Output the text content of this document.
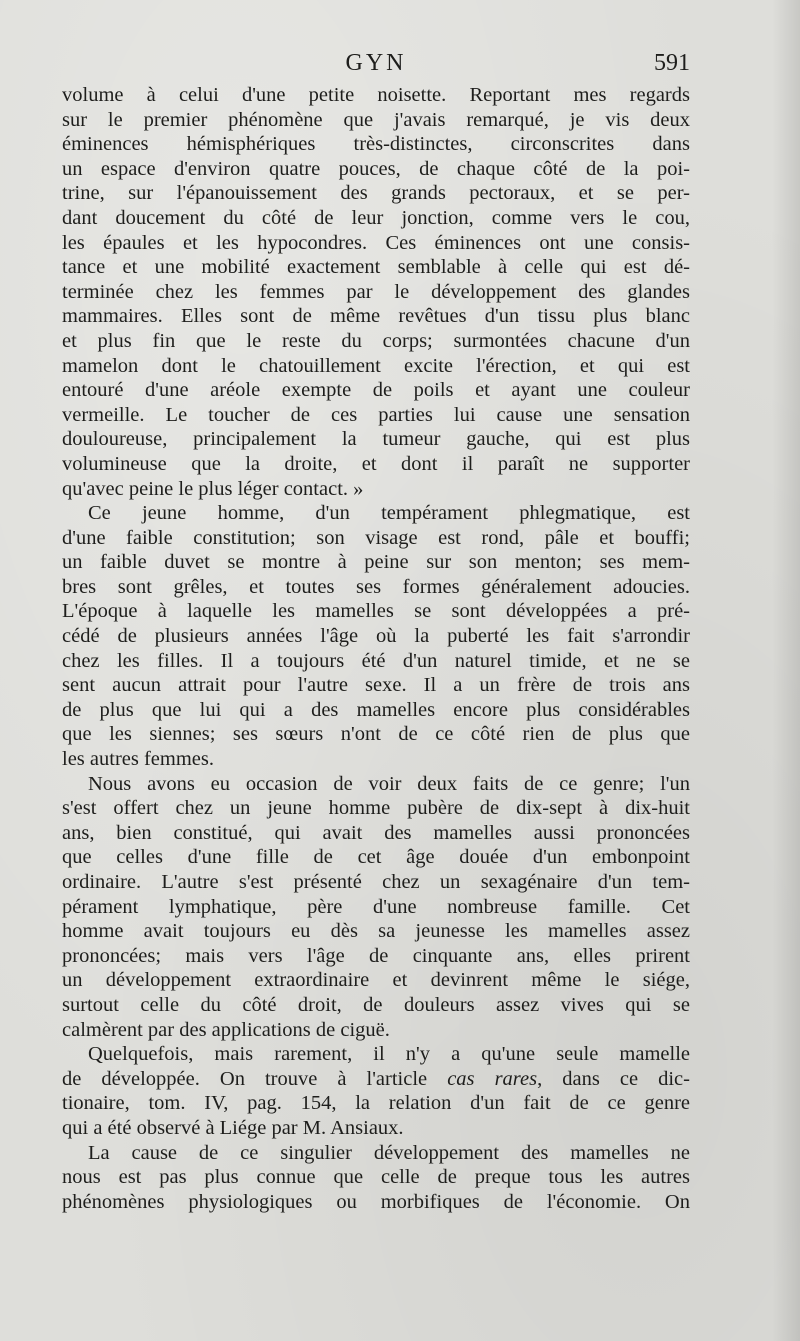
GYN	591
volume à celui d'une petite noisette. Reportant mes regards
sur le premier phénomène que j'avais remarqué, je vis deux
éminences hémisphériques très-distinctes, circonscrites dans
un espace d'environ quatre pouces, de chaque côté de la poi-
trine, sur l'épanouissement des grands pectoraux, et se per-
dant doucement du côté de leur jonction, comme vers le cou,
les épaules et les hypocondres. Ces éminences ont une consis-
tance et une mobilité exactement semblable à celle qui est dé-
terminée chez les femmes par le développement des glandes
mammaires. Elles sont de même revêtues d'un tissu plus blanc
et plus fin que le reste du corps; surmontées chacune d'un
mamelon dont le chatouillement excite l'érection, et qui est
entouré d'une aréole exempte de poils et ayant une couleur
vermeille. Le toucher de ces parties lui cause une sensation
douloureuse, principalement la tumeur gauche, qui est plus
volumineuse que la droite, et dont il paraît ne supporter
qu'avec peine le plus léger contact. »
Ce jeune homme, d'un tempérament phlegmatique, est
d'une faible constitution; son visage est rond, pâle et bouffi;
un faible duvet se montre à peine sur son menton; ses mem-
bres sont grêles, et toutes ses formes généralement adoucies.
L'époque à laquelle les mamelles se sont développées a pré-
cédé de plusieurs années l'âge où la puberté les fait s'arrondir
chez les filles. Il a toujours été d'un naturel timide, et ne se
sent aucun attrait pour l'autre sexe. Il a un frère de trois ans
de plus que lui qui a des mamelles encore plus considérables
que les siennes; ses sœurs n'ont de ce côté rien de plus que
les autres femmes.
Nous avons eu occasion de voir deux faits de ce genre; l'un
s'est offert chez un jeune homme pubère de dix-sept à dix-huit
ans, bien constitué, qui avait des mamelles aussi prononcées
que celles d'une fille de cet âge douée d'un embonpoint
ordinaire. L'autre s'est présenté chez un sexagénaire d'un tem-
pérament lymphatique, père d'une nombreuse famille. Cet
homme avait toujours eu dès sa jeunesse les mamelles assez
prononcées; mais vers l'âge de cinquante ans, elles prirent
un développement extraordinaire et devinrent même le siége,
surtout celle du côté droit, de douleurs assez vives qui se
calmèrent par des applications de ciguë.
Quelquefois, mais rarement, il n'y a qu'une seule mamelle
de développée. On trouve à l'article cas rares, dans ce dic-
tionaire, tom. IV, pag. 154, la relation d'un fait de ce genre
qui a été observé à Liége par M. Ansiaux.
La cause de ce singulier développement des mamelles ne
nous est pas plus connue que celle de preque tous les autres
phénomènes physiologiques ou morbifiques de l'économie. On
